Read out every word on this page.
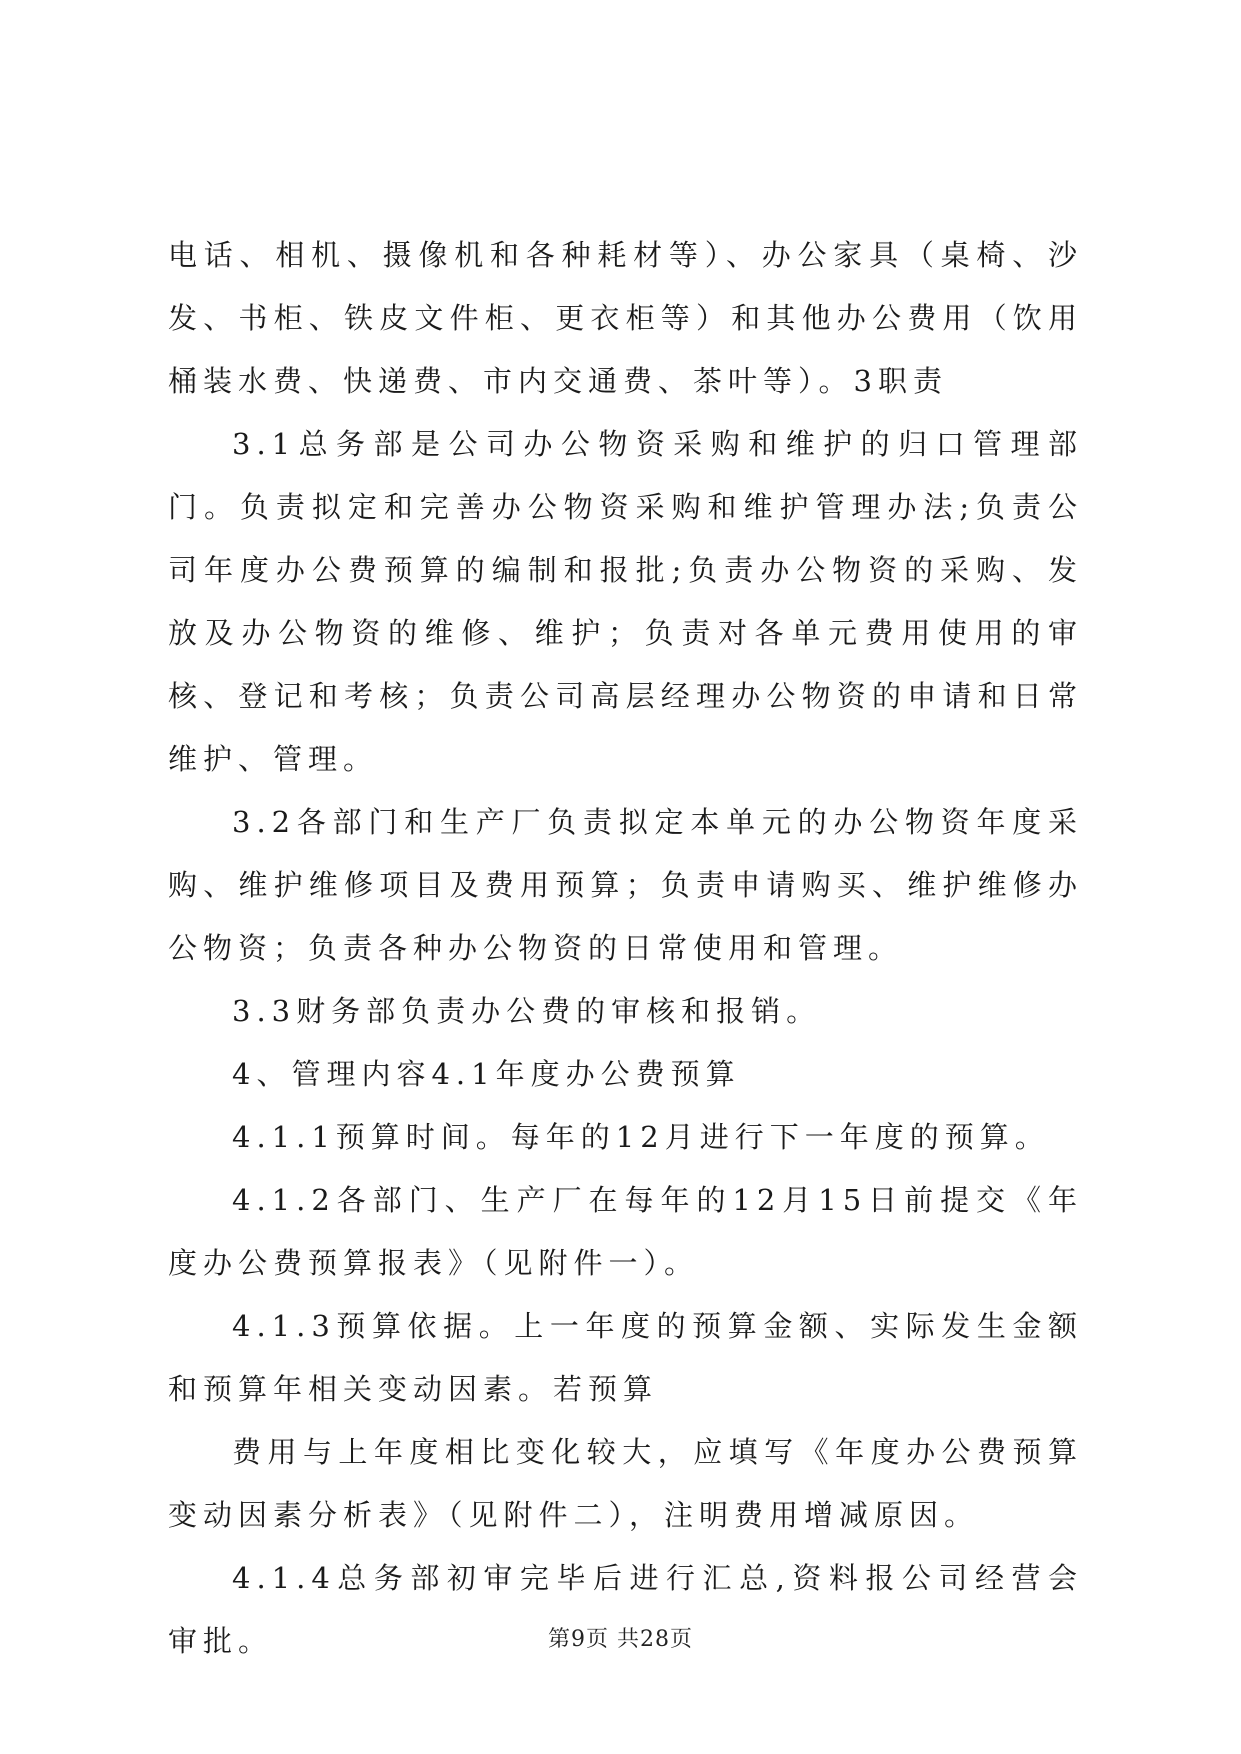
电话、相机、摄像机和各种耗材等）、办公家具（桌椅、沙发、书柜、铁皮文件柜、更衣柜等）和其他办公费用（饮用桶装水费、快递费、市内交通费、茶叶等）。3职责

3.1总务部是公司办公物资采购和维护的归口管理部门。负责拟定和完善办公物资采购和维护管理办法;负责公司年度办公费预算的编制和报批;负责办公物资的采购、发放及办公物资的维修、维护；负责对各单元费用使用的审核、登记和考核；负责公司高层经理办公物资的申请和日常维护、管理。

3.2各部门和生产厂负责拟定本单元的办公物资年度采购、维护维修项目及费用预算；负责申请购买、维护维修办公物资；负责各种办公物资的日常使用和管理。

3.3财务部负责办公费的审核和报销。

4、管理内容4.1年度办公费预算

4.1.1预算时间。每年的12月进行下一年度的预算。

4.1.2各部门、生产厂在每年的12月15日前提交《年度办公费预算报表》（见附件一）。

4.1.3预算依据。上一年度的预算金额、实际发生金额和预算年相关变动因素。若预算

费用与上年度相比变化较大，应填写《年度办公费预算变动因素分析表》（见附件二），注明费用增减原因。

4.1.4总务部初审完毕后进行汇总,资料报公司经营会审批。	第9页 共28页
